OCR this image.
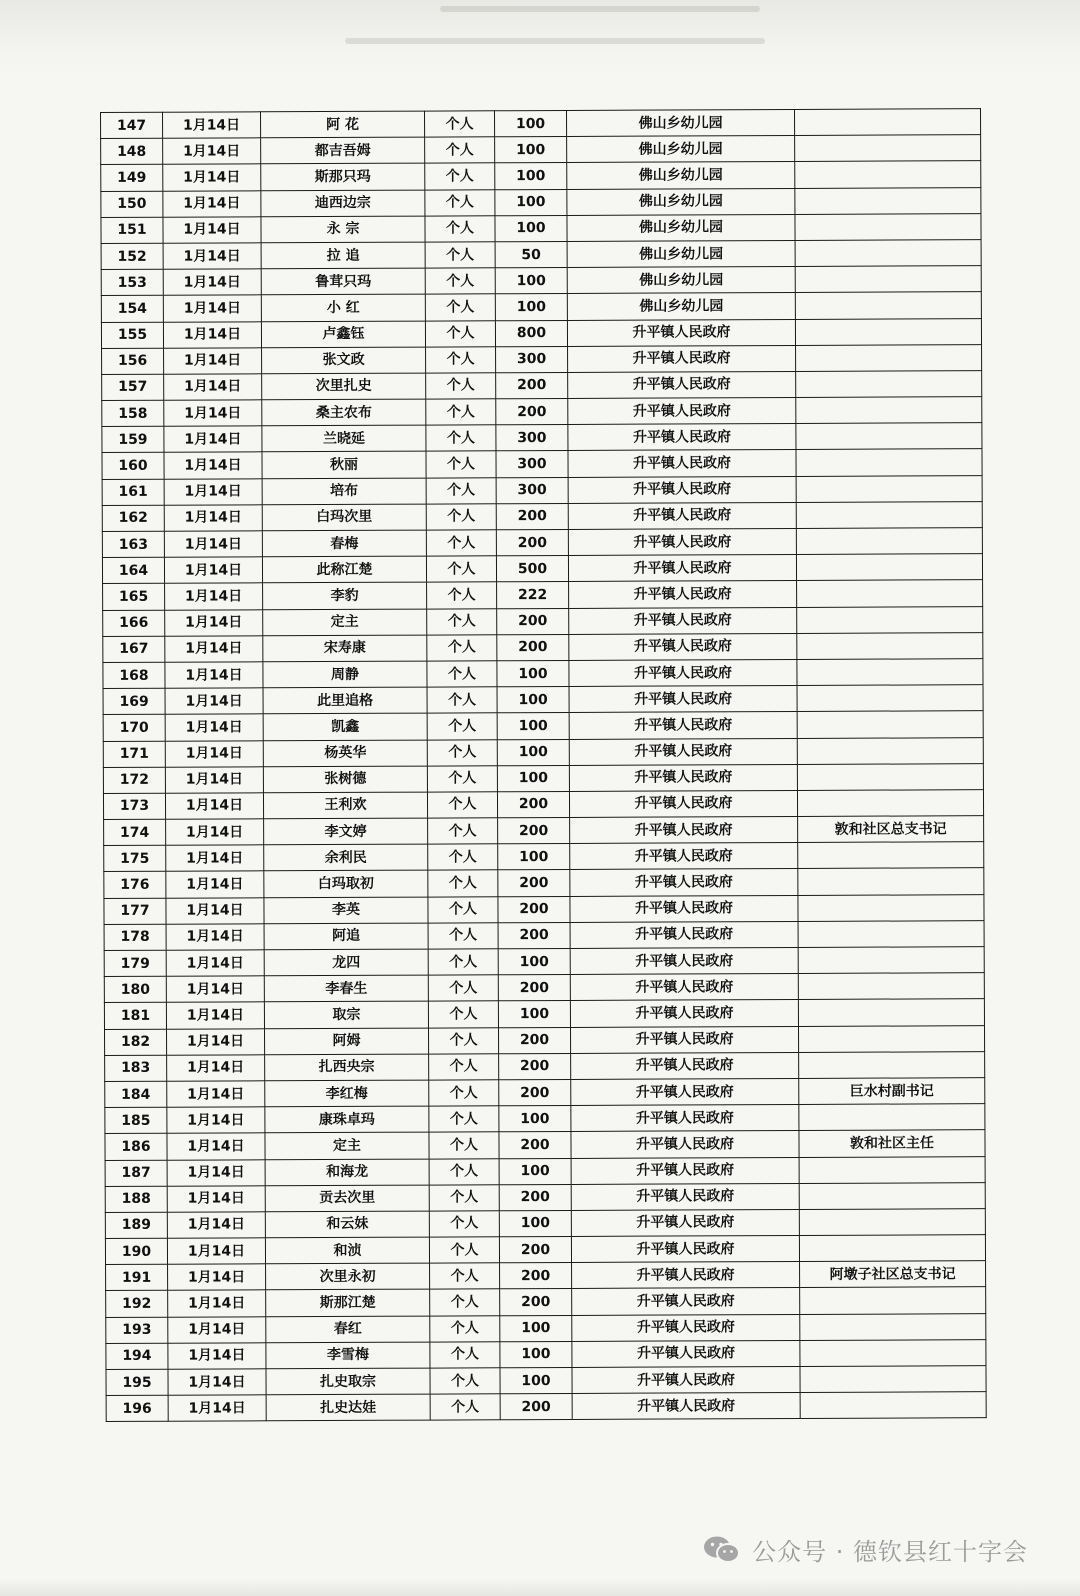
147	1月14日	阿 花	个人	100	佛山乡幼儿园	
148	1月14日	都吉吾姆	个人	100	佛山乡幼儿园	
149	1月14日	斯那只玛	个人	100	佛山乡幼儿园	
150	1月14日	迪西边宗	个人	100	佛山乡幼儿园	
151	1月14日	永 宗	个人	100	佛山乡幼儿园	
152	1月14日	拉 追	个人	50	佛山乡幼儿园	
153	1月14日	鲁茸只玛	个人	100	佛山乡幼儿园	
154	1月14日	小 红	个人	100	佛山乡幼儿园	
155	1月14日	卢鑫钰	个人	800	升平镇人民政府	
156	1月14日	张文政	个人	300	升平镇人民政府	
157	1月14日	次里扎史	个人	200	升平镇人民政府	
158	1月14日	桑主农布	个人	200	升平镇人民政府	
159	1月14日	兰晓延	个人	300	升平镇人民政府	
160	1月14日	秋丽	个人	300	升平镇人民政府	
161	1月14日	培布	个人	300	升平镇人民政府	
162	1月14日	白玛次里	个人	200	升平镇人民政府	
163	1月14日	春梅	个人	200	升平镇人民政府	
164	1月14日	此称江楚	个人	500	升平镇人民政府	
165	1月14日	李豹	个人	222	升平镇人民政府	
166	1月14日	定主	个人	200	升平镇人民政府	
167	1月14日	宋寿康	个人	200	升平镇人民政府	
168	1月14日	周静	个人	100	升平镇人民政府	
169	1月14日	此里追格	个人	100	升平镇人民政府	
170	1月14日	凯鑫	个人	100	升平镇人民政府	
171	1月14日	杨英华	个人	100	升平镇人民政府	
172	1月14日	张树德	个人	100	升平镇人民政府	
173	1月14日	王利欢	个人	200	升平镇人民政府	
174	1月14日	李文婷	个人	200	升平镇人民政府	敦和社区总支书记
175	1月14日	余利民	个人	100	升平镇人民政府	
176	1月14日	白玛取初	个人	200	升平镇人民政府	
177	1月14日	李英	个人	200	升平镇人民政府	
178	1月14日	阿追	个人	200	升平镇人民政府	
179	1月14日	龙四	个人	100	升平镇人民政府	
180	1月14日	李春生	个人	200	升平镇人民政府	
181	1月14日	取宗	个人	100	升平镇人民政府	
182	1月14日	阿姆	个人	200	升平镇人民政府	
183	1月14日	扎西央宗	个人	200	升平镇人民政府	
184	1月14日	李红梅	个人	200	升平镇人民政府	巨水村副书记
185	1月14日	康珠卓玛	个人	100	升平镇人民政府	
186	1月14日	定主	个人	200	升平镇人民政府	敦和社区主任
187	1月14日	和海龙	个人	100	升平镇人民政府	
188	1月14日	贡去次里	个人	200	升平镇人民政府	
189	1月14日	和云妹	个人	100	升平镇人民政府	
190	1月14日	和浈	个人	200	升平镇人民政府	
191	1月14日	次里永初	个人	200	升平镇人民政府	阿墩子社区总支书记
192	1月14日	斯那江楚	个人	200	升平镇人民政府	
193	1月14日	春红	个人	100	升平镇人民政府	
194	1月14日	李雪梅	个人	100	升平镇人民政府	
195	1月14日	扎史取宗	个人	100	升平镇人民政府	
196	1月14日	扎史达娃	个人	200	升平镇人民政府	
公众号 · 德钦县红十字会
